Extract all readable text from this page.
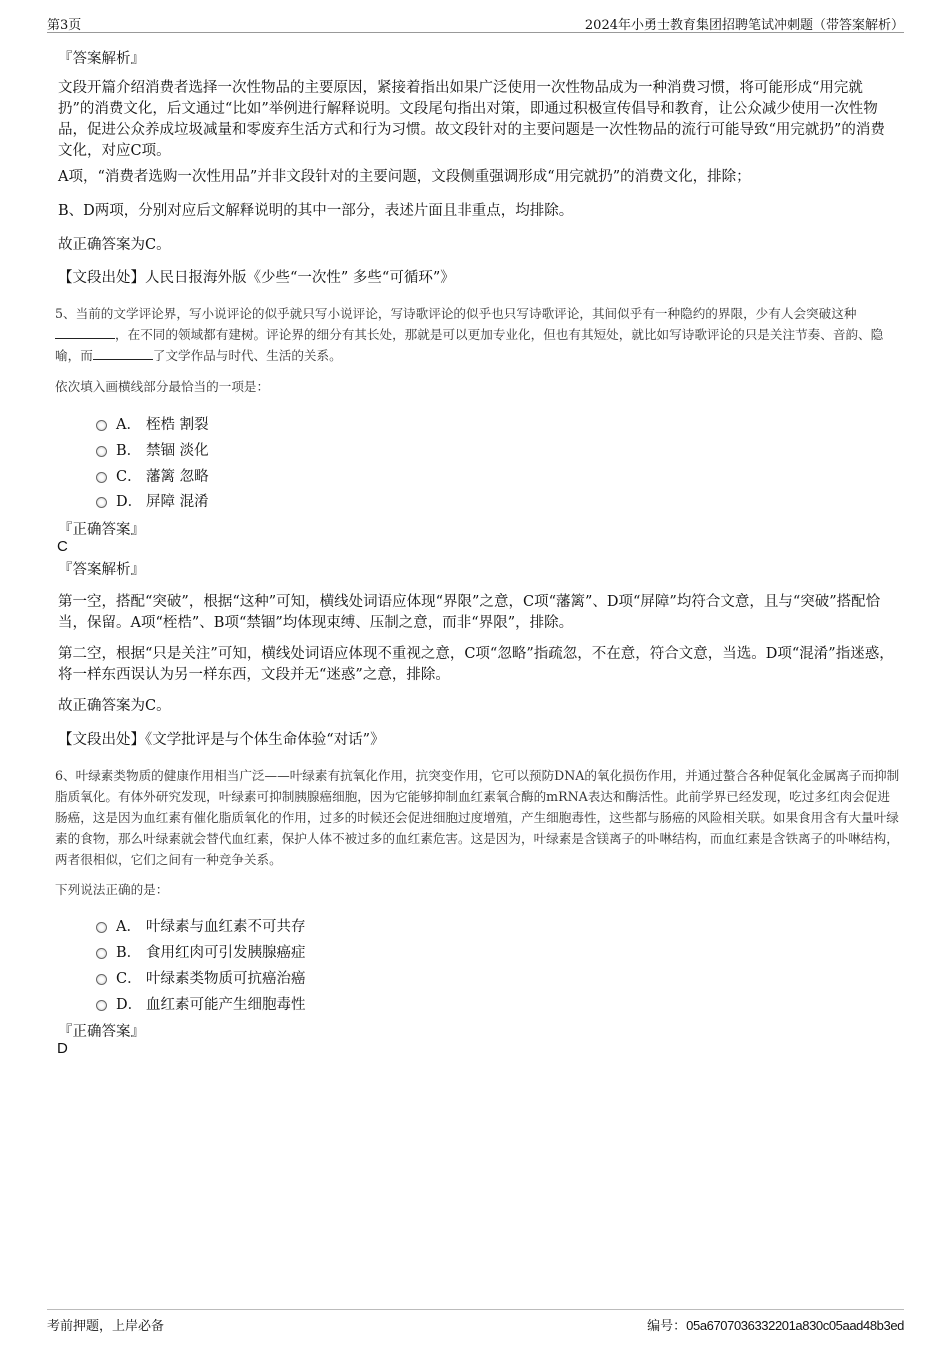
第3页	2024年小勇士教育集团招聘笔试冲刺题（带答案解析）
『答案解析』
文段开篇介绍消费者选择一次性物品的主要原因，紧接着指出如果广泛使用一次性物品成为一种消费习惯，将可能形成“用完就扔”的消费文化，后文通过“比如”举例进行解释说明。文段尾句指出对策，即通过积极宣传倡导和教育，让公众减少使用一次性物品，促进公众养成垃圾减量和零废弃生活方式和行为习惯。故文段针对的主要问题是一次性物品的流行可能导致“用完就扔”的消费文化，对应C项。
A项，“消费者选购一次性用品”并非文段针对的主要问题，文段侧重强调形成“用完就扔”的消费文化，排除；
B、D两项，分别对应后文解释说明的其中一部分，表述片面且非重点，均排除。
故正确答案为C。
【文段出处】人民日报海外版《少些“一次性” 多些“可循环”》
5、当前的文学评论界，写小说评论的似乎就只写小说评论，写诗歌评论的似乎也只写诗歌评论，其间似乎有一种隐约的界限，少有人会突破这种，在不同的领域都有建树。评论界的细分有其长处，那就是可以更加专业化，但也有其短处，就比如写诗歌评论的只是关注节奏、音韵、隐喻，而	了文学作品与时代、生活的关系。
依次填入画横线部分最恰当的一项是：
A． 桎梏 割裂
B． 禁锢 淡化
C． 藩篱 忽略
D． 屏障 混淆
『正确答案』
C
『答案解析』
第一空，搭配“突破”，根据“这种”可知，横线处词语应体现“界限”之意，C项“藩篱”、D项“屏障”均符合文意，且与“突破”搭配恰当，保留。A项“桎梏”、B项“禁锢”均体现束缚、压制之意，而非“界限”，排除。
第二空，根据“只是关注”可知，横线处词语应体现不重视之意，C项“忽略”指疏忽，不在意，符合文意，当选。D项“混淆”指迷惑，将一样东西误认为另一样东西，文段并无“迷惑”之意，排除。
故正确答案为C。
【文段出处】《文学批评是与个体生命体验“对话”》
6、叶绿素类物质的健康作用相当广泛——叶绿素有抗氧化作用，抗突变作用，它可以预防DNA的氧化损伤作用，并通过螯合各种促氧化金属离子而抑制脂质氧化。有体外研究发现，叶绿素可抑制胰腺癌细胞，因为它能够抑制血红素氧合酶的mRNA表达和酶活性。此前学界已经发现，吃过多红肉会促进肠癌，这是因为血红素有催化脂质氧化的作用，过多的时候还会促进细胞过度增殖，产生细胞毒性，这些都与肠癌的风险相关联。如果食用含有大量叶绿素的食物，那么叶绿素就会替代血红素，保护人体不被过多的血红素危害。这是因为，叶绿素是含镁离子的卟啉结构，而血红素是含铁离子的卟啉结构，两者很相似，它们之间有一种竞争关系。
下列说法正确的是：
A． 叶绿素与血红素不可共存
B． 食用红肉可引发胰腺癌症
C． 叶绿素类物质可抗癌治癌
D． 血红素可能产生细胞毒性
『正确答案』
D
考前押题，上岸必备	编号：05a6707036332201a830c05aad48b3ed
